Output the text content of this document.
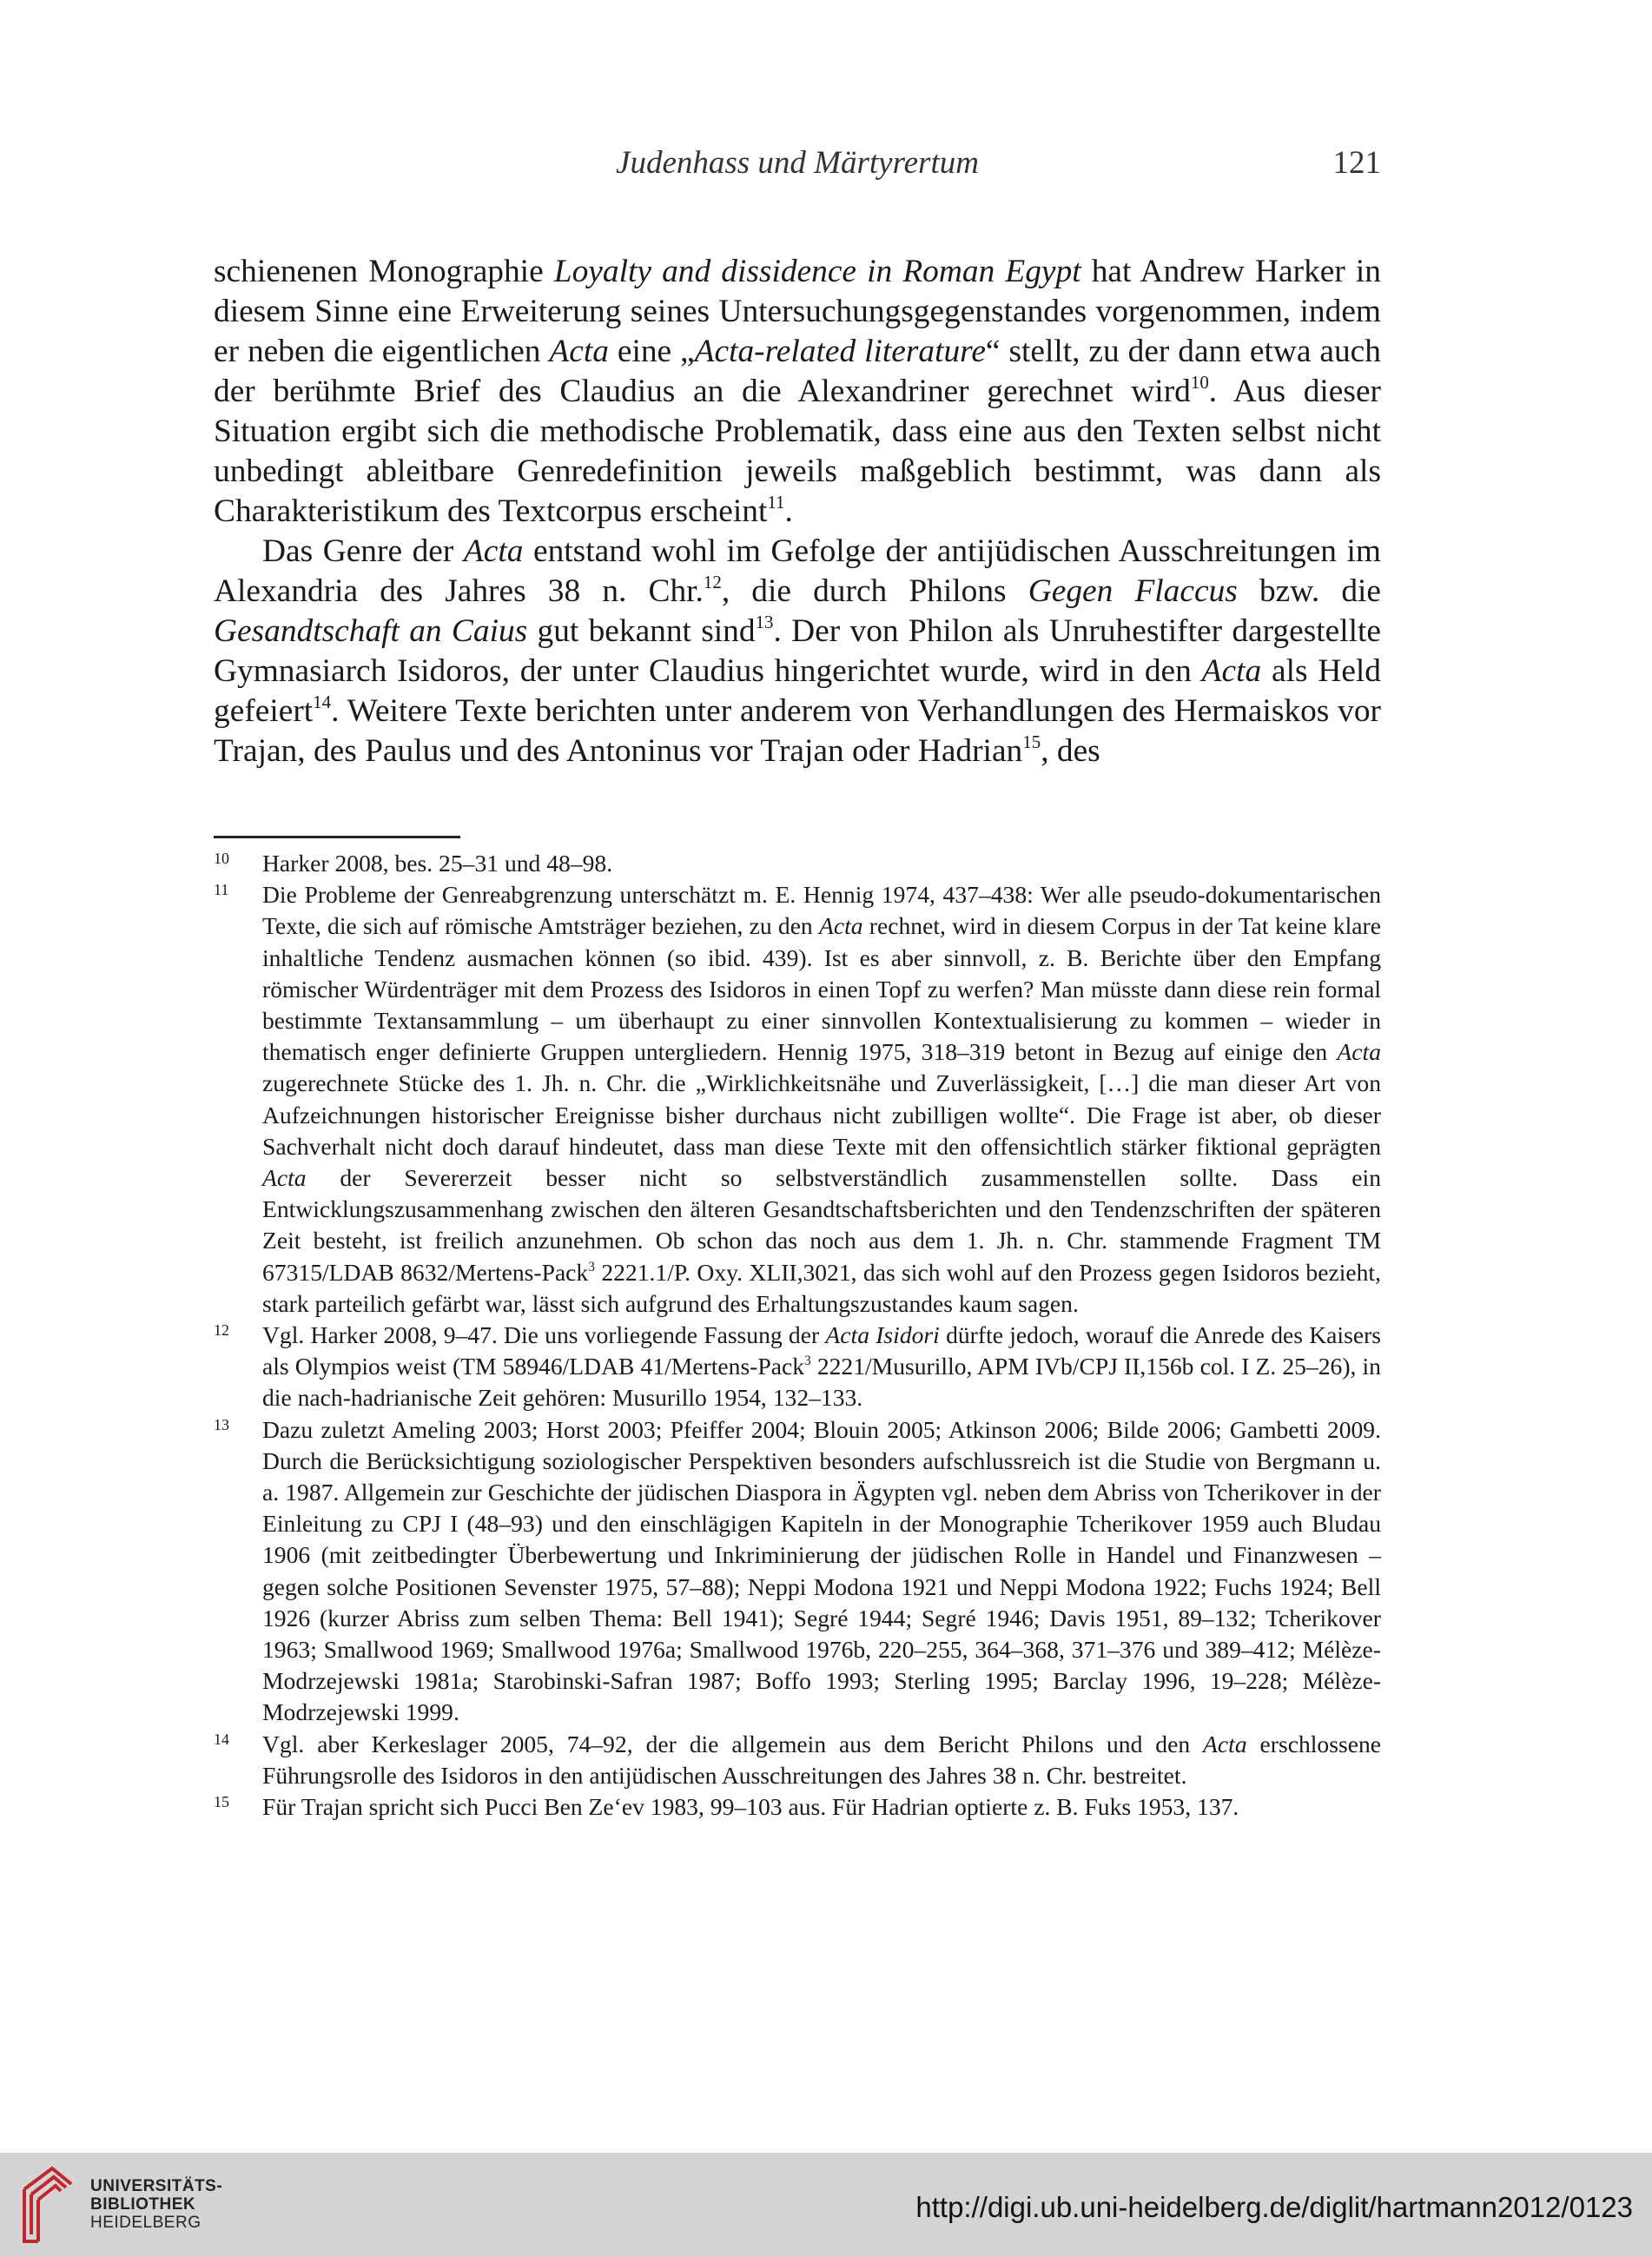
Judenhass und Märtyrertum	121

schienenen Monographie Loyalty and dissidence in Roman Egypt hat Andrew Harker in diesem Sinne eine Erweiterung seines Untersuchungsgegenstandes vorgenommen, indem er neben die eigentlichen Acta eine „Acta-related literature“ stellt, zu der dann etwa auch der berühmte Brief des Claudius an die Alexandriner gerechnet wird$^{10}$. Aus dieser Situation ergibt sich die methodische Problematik, dass eine aus den Texten selbst nicht unbedingt ableitbare Genredefinition jeweils maßgeblich bestimmt, was dann als Charakteristikum des Textcorpus erscheint$^{11}$.

Das Genre der Acta entstand wohl im Gefolge der antijüdischen Ausschreitungen im Alexandria des Jahres 38 n. Chr.$^{12}$, die durch Philons Gegen Flaccus bzw. die Gesandtschaft an Caius gut bekannt sind$^{13}$. Der von Philon als Unruhestifter dargestellte Gymnasiarch Isidoros, der unter Claudius hingerichtet wurde, wird in den Acta als Held gefeiert$^{14}$. Weitere Texte berichten unter anderem von Verhandlungen des Hermaiskos vor Trajan, des Paulus und des Antoninus vor Trajan oder Hadrian$^{15}$, des

10	Harker 2008, bes. 25–31 und 48–98.
11	Die Probleme der Genreabgrenzung unterschätzt m. E. Hennig 1974, 437–438: Wer alle pseudo-dokumentarischen Texte, die sich auf römische Amtsträger beziehen, zu den Acta rechnet, wird in diesem Corpus in der Tat keine klare inhaltliche Tendenz ausmachen können (so ibid. 439). Ist es aber sinnvoll, z. B. Berichte über den Empfang römischer Würdenträger mit dem Prozess des Isidoros in einen Topf zu werfen? Man müsste dann diese rein formal bestimmte Textansammlung – um überhaupt zu einer sinnvollen Kontextualisierung zu kommen – wieder in thematisch enger definierte Gruppen untergliedern. Hennig 1975, 318–319 betont in Bezug auf einige den Acta zugerechnete Stücke des 1. Jh. n. Chr. die „Wirklichkeitsnähe und Zuverlässigkeit, […] die man dieser Art von Aufzeichnungen historischer Ereignisse bisher durchaus nicht zubilligen wollte“. Die Frage ist aber, ob dieser Sachverhalt nicht doch darauf hindeutet, dass man diese Texte mit den offensichtlich stärker fiktional geprägten Acta der Severerzeit besser nicht so selbstverständlich zusammenstellen sollte. Dass ein Entwicklungszusammenhang zwischen den älteren Gesandtschaftsberichten und den Tendenzschriften der späteren Zeit besteht, ist freilich anzunehmen. Ob schon das noch aus dem 1. Jh. n. Chr. stammende Fragment TM 67315/LDAB 8632/Mertens-Pack$^3$ 2221.1/P. Oxy. XLII,3021, das sich wohl auf den Prozess gegen Isidoros bezieht, stark parteilich gefärbt war, lässt sich aufgrund des Erhaltungszustandes kaum sagen.
12	Vgl. Harker 2008, 9–47. Die uns vorliegende Fassung der Acta Isidori dürfte jedoch, worauf die Anrede des Kaisers als Olympios weist (TM 58946/LDAB 41/Mertens-Pack$^3$ 2221/Musurillo, APM IVb/CPJ II,156b col. I Z. 25–26), in die nach-hadrianische Zeit gehören: Musurillo 1954, 132–133.
13	Dazu zuletzt Ameling 2003; Horst 2003; Pfeiffer 2004; Blouin 2005; Atkinson 2006; Bilde 2006; Gambetti 2009. Durch die Berücksichtigung soziologischer Perspektiven besonders aufschlussreich ist die Studie von Bergmann u. a. 1987. Allgemein zur Geschichte der jüdischen Diaspora in Ägypten vgl. neben dem Abriss von Tcherikover in der Einleitung zu CPJ I (48–93) und den einschlägigen Kapiteln in der Monographie Tcherikover 1959 auch Bludau 1906 (mit zeitbedingter Überbewertung und Inkriminierung der jüdischen Rolle in Handel und Finanzwesen – gegen solche Positionen Sevenster 1975, 57–88); Neppi Modona 1921 und Neppi Modona 1922; Fuchs 1924; Bell 1926 (kurzer Abriss zum selben Thema: Bell 1941); Segré 1944; Segré 1946; Davis 1951, 89–132; Tcherikover 1963; Smallwood 1969; Smallwood 1976a; Smallwood 1976b, 220–255, 364–368, 371–376 und 389–412; Mélèze-Modrzejewski 1981a; Starobinski-Safran 1987; Boffo 1993; Sterling 1995; Barclay 1996, 19–228; Mélèze-Modrzejewski 1999.
14	Vgl. aber Kerkeslager 2005, 74–92, der die allgemein aus dem Bericht Philons und den Acta erschlossene Führungsrolle des Isidoros in den antijüdischen Ausschreitungen des Jahres 38 n. Chr. bestreitet.
15	Für Trajan spricht sich Pucci Ben Ze‘ev 1983, 99–103 aus. Für Hadrian optierte z. B. Fuks 1953, 137.
UNIVERSITÄTS-
BIBLIOTHEK
HEIDELBERG	http://digi.ub.uni-heidelberg.de/diglit/hartmann2012/0123
